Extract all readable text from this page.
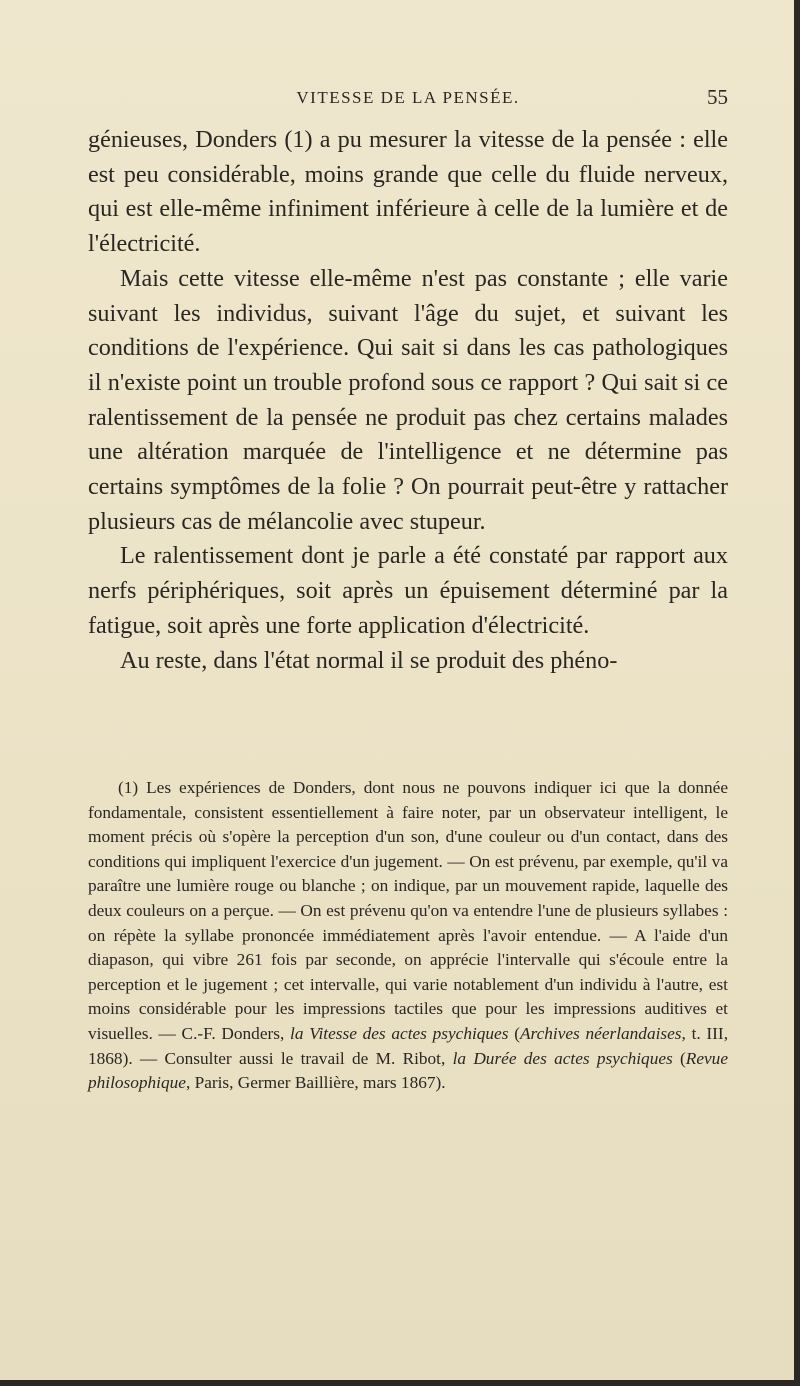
VITESSE DE LA PENSÉE.	55

génieuses, Donders (1) a pu mesurer la vitesse de la pensée : elle est peu considérable, moins grande que celle du fluide nerveux, qui est elle-même infiniment inférieure à celle de la lumière et de l'électricité.

Mais cette vitesse elle-même n'est pas constante ; elle varie suivant les individus, suivant l'âge du sujet, et suivant les conditions de l'expérience. Qui sait si dans les cas pathologiques il n'existe point un trouble profond sous ce rapport ? Qui sait si ce ralentissement de la pensée ne produit pas chez certains malades une altération marquée de l'intelligence et ne détermine pas certains symptômes de la folie ? On pourrait peut-être y rattacher plusieurs cas de mélancolie avec stupeur.

Le ralentissement dont je parle a été constaté par rapport aux nerfs périphériques, soit après un épuisement déterminé par la fatigue, soit après une forte application d'électricité.

Au reste, dans l'état normal il se produit des phéno-

(1) Les expériences de Donders, dont nous ne pouvons indiquer ici que la donnée fondamentale, consistent essentiellement à faire noter, par un observateur intelligent, le moment précis où s'opère la perception d'un son, d'une couleur ou d'un contact, dans des conditions qui impliquent l'exercice d'un jugement. — On est prévenu, par exemple, qu'il va paraître une lumière rouge ou blanche ; on indique, par un mouvement rapide, laquelle des deux couleurs on a perçue. — On est prévenu qu'on va entendre l'une de plusieurs syllabes : on répète la syllabe prononcée immédiatement après l'avoir entendue. — A l'aide d'un diapason, qui vibre 261 fois par seconde, on apprécie l'intervalle qui s'écoule entre la perception et le jugement ; cet intervalle, qui varie notablement d'un individu à l'autre, est moins considérable pour les impressions tactiles que pour les impressions auditives et visuelles. — C.-F. Donders, la Vitesse des actes psychiques (Archives néerlandaises, t. III, 1868). — Consulter aussi le travail de M. Ribot, la Durée des actes psychiques (Revue philosophique, Paris, Germer Baillière, mars 1867).
